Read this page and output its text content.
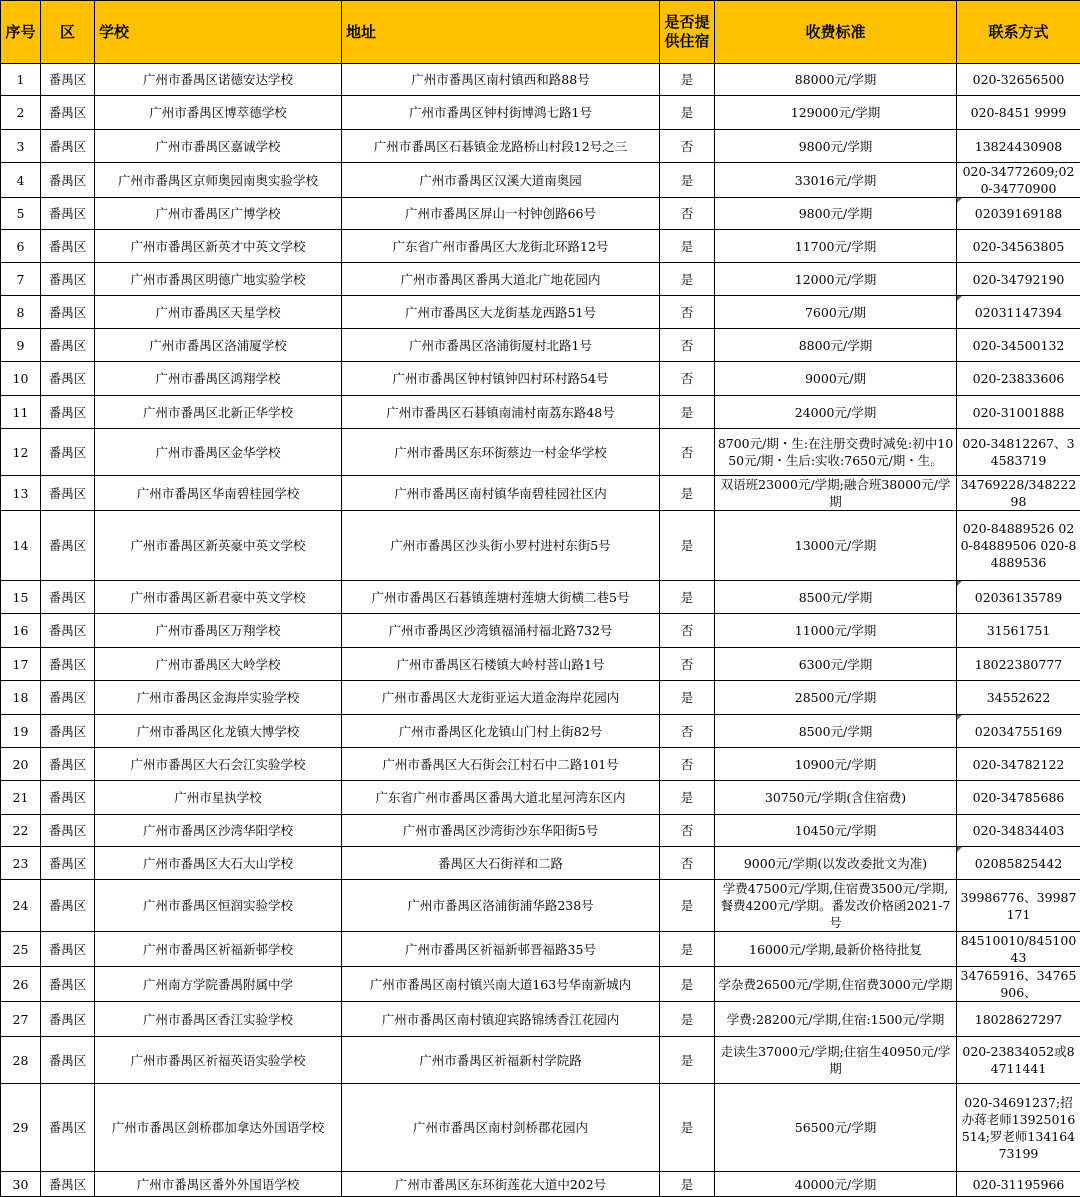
序号	区	学校	地址	是否提供住宿	收费标准	联系方式
1	番禺区	广州市番禺区诺德安达学校	广州市番禺区南村镇西和路88号	是	88000元/学期	020-32656500
2	番禺区	广州市番禺区博萃德学校	广州市番禺区钟村街博鸿七路1号	是	129000元/学期	020-8451 9999
3	番禺区	广州市番禺区嘉诚学校	广州市番禺区石碁镇金龙路桥山村段12号之三	否	9800元/学期	13824430908
4	番禺区	广州市番禺区京师奥园南奥实验学校	广州市番禺区汉溪大道南奥园	是	33016元/学期	020-34772609;020-34770900
5	番禺区	广州市番禺区广博学校	广州市番禺区屏山一村钟创路66号	否	9800元/学期	02039169188
6	番禺区	广州市番禺区新英才中英文学校	广东省广州市番禺区大龙街北环路12号	是	11700元/学期	020-34563805
7	番禺区	广州市番禺区明德广地实验学校	广州市番禺区番禺大道北广地花园内	是	12000元/学期	020-34792190
8	番禺区	广州市番禺区天星学校	广州市番禺区大龙街基龙西路51号	否	7600元/期	02031147394
9	番禺区	广州市番禺区洛浦厦学校	广州市番禺区洛浦街厦村北路1号	否	8800元/学期	020-34500132
10	番禺区	广州市番禺区鸿翔学校	广州市番禺区钟村镇钟四村环村路54号	否	9000元/期	020-23833606
11	番禺区	广州市番禺区北新正华学校	广州市番禺区石碁镇南浦村南荔东路48号	是	24000元/学期	020-31001888
12	番禺区	广州市番禺区金华学校	广州市番禺区东环街蔡边一村金华学校	否	8700元/期・生:在注册交费时减免:初中1050元/期・生后:实收:7650元/期・生。	020-34812267、34583719
13	番禺区	广州市番禺区华南碧桂园学校	广州市番禺区南村镇华南碧桂园社区内	是	双语班23000元/学期;融合班38000元/学期	34769228/34822298
14	番禺区	广州市番禺区新英豪中英文学校	广州市番禺区沙头街小罗村进村东街5号	是	13000元/学期	020-84889526 020-84889506 020-84889536
15	番禺区	广州市番禺区新君豪中英文学校	广州市番禺区石碁镇莲塘村莲塘大街横二巷5号	是	8500元/学期	02036135789
16	番禺区	广州市番禺区万翔学校	广州市番禺区沙湾镇福涌村福北路732号	否	11000元/学期	31561751
17	番禺区	广州市番禺区大岭学校	广州市番禺区石楼镇大岭村菩山路1号	否	6300元/学期	18022380777
18	番禺区	广州市番禺区金海岸实验学校	广州市番禺区大龙街亚运大道金海岸花园内	是	28500元/学期	34552622
19	番禺区	广州市番禺区化龙镇大博学校	广州市番禺区化龙镇山门村上街82号	否	8500元/学期	02034755169
20	番禺区	广州市番禺区大石会江实验学校	广州市番禺区大石街会江村石中二路101号	否	10900元/学期	020-34782122
21	番禺区	广州市星执学校	广东省广州市番禺区番禺大道北星河湾东区内	是	30750元/学期(含住宿费)	020-34785686
22	番禺区	广州市番禺区沙湾华阳学校	广州市番禺区沙湾街沙东华阳街5号	否	10450元/学期	020-34834403
23	番禺区	广州市番禺区大石大山学校	番禺区大石街祥和二路	否	9000元/学期(以发改委批文为准)	02085825442
24	番禺区	广州市番禺区恒润实验学校	广州市番禺区洛浦街浦华路238号	是	学费47500元/学期,住宿费3500元/学期,餐费4200元/学期。番发改价格函2021-7号	39986776、39987171
25	番禺区	广州市番禺区祈福新邨学校	广州市番禺区祈福新邨晋福路35号	是	16000元/学期,最新价格待批复	84510010/84510043
26	番禺区	广州南方学院番禺附属中学	广州市番禺区南村镇兴南大道163号华南新城内	是	学杂费26500元/学期,住宿费3000元/学期	34765916、34765906、
27	番禺区	广州市番禺区香江实验学校	广州市番禺区南村镇迎宾路锦绣香江花园内	是	学费:28200元/学期,住宿:1500元/学期	18028627297
28	番禺区	广州市番禺区祈福英语实验学校	广州市番禺区祈福新村学院路	是	走读生37000元/学期;住宿生40950元/学期	020-23834052或84711441
29	番禺区	广州市番禺区剑桥郡加拿达外国语学校	广州市番禺区南村剑桥郡花园内	是	56500元/学期	020-34691237;招办蒋老师13925016514;罗老师13416473199
30	番禺区	广州市番禺区番外外国语学校	广州市番禺区东环街莲花大道中202号	是	40000元/学期	020-31195966
